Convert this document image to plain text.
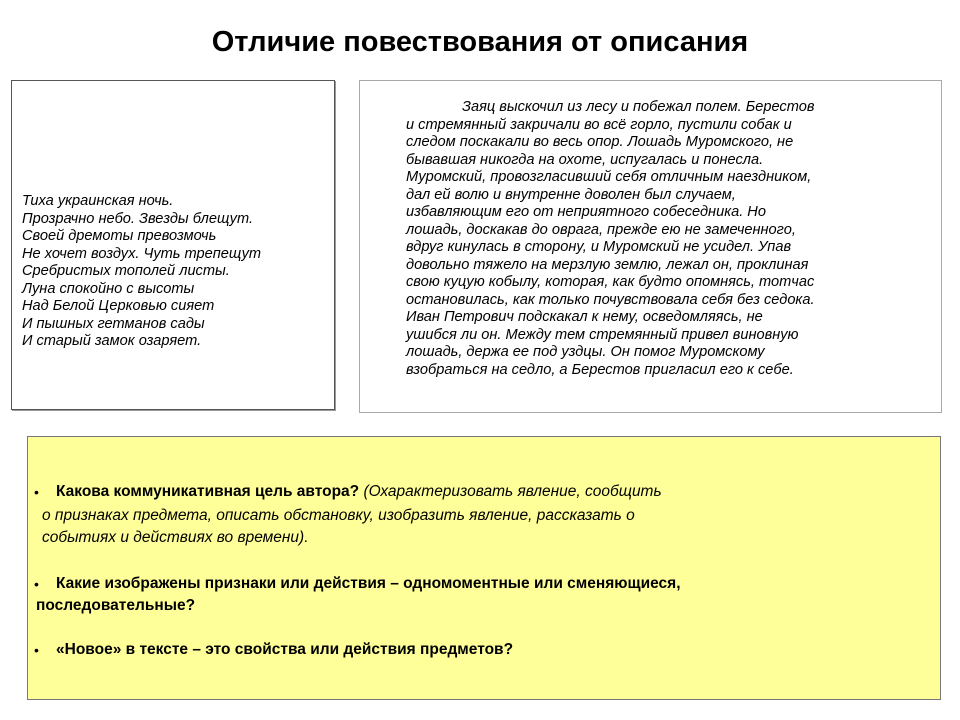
Отличие повествования от описания
Тиха украинская ночь.
Прозрачно небо. Звезды блещут.
Своей дремоты превозмочь
Не хочет воздух. Чуть трепещут
Сребристых тополей листы.
Луна спокойно с высоты
Над Белой Церковью сияет
И пышных гетманов сады
И старый замок озаряет.
Заяц выскочил из лесу и побежал полем. Берестов
и стремянный закричали во всё горло, пустили собак и
следом поскакали во весь опор. Лошадь Муромского, не
бывавшая никогда на охоте, испугалась и понесла.
Муромский, провозгласивший себя отличным наездником,
дал ей волю и внутренне доволен был случаем,
избавляющим его от неприятного собеседника. Но
лошадь, доскакав до оврага, прежде ею не замеченного,
вдруг кинулась в сторону, и Муромский не усидел. Упав
довольно тяжело на мерзлую землю, лежал он, проклиная
свою куцую кобылу, которая, как будто опомнясь, тотчас
остановилась, как только почувствовала себя без седока.
Иван Петрович подскакал к нему, осведомляясь, не
ушибся ли он. Между тем стремянный привел виновную
лошадь, держа ее под уздцы. Он помог Муромскому
взобраться на седло, а Берестов пригласил его к себе.
• Какова коммуникативная цель автора? (Охарактеризовать явление, сообщить
о признаках предмета, описать обстановку, изобразить явление, рассказать о
событиях и действиях во времени).
• Какие изображены признаки или действия – одномоментные или сменяющиеся,
последовательные?
• «Новое» в тексте – это свойства или действия предметов?
